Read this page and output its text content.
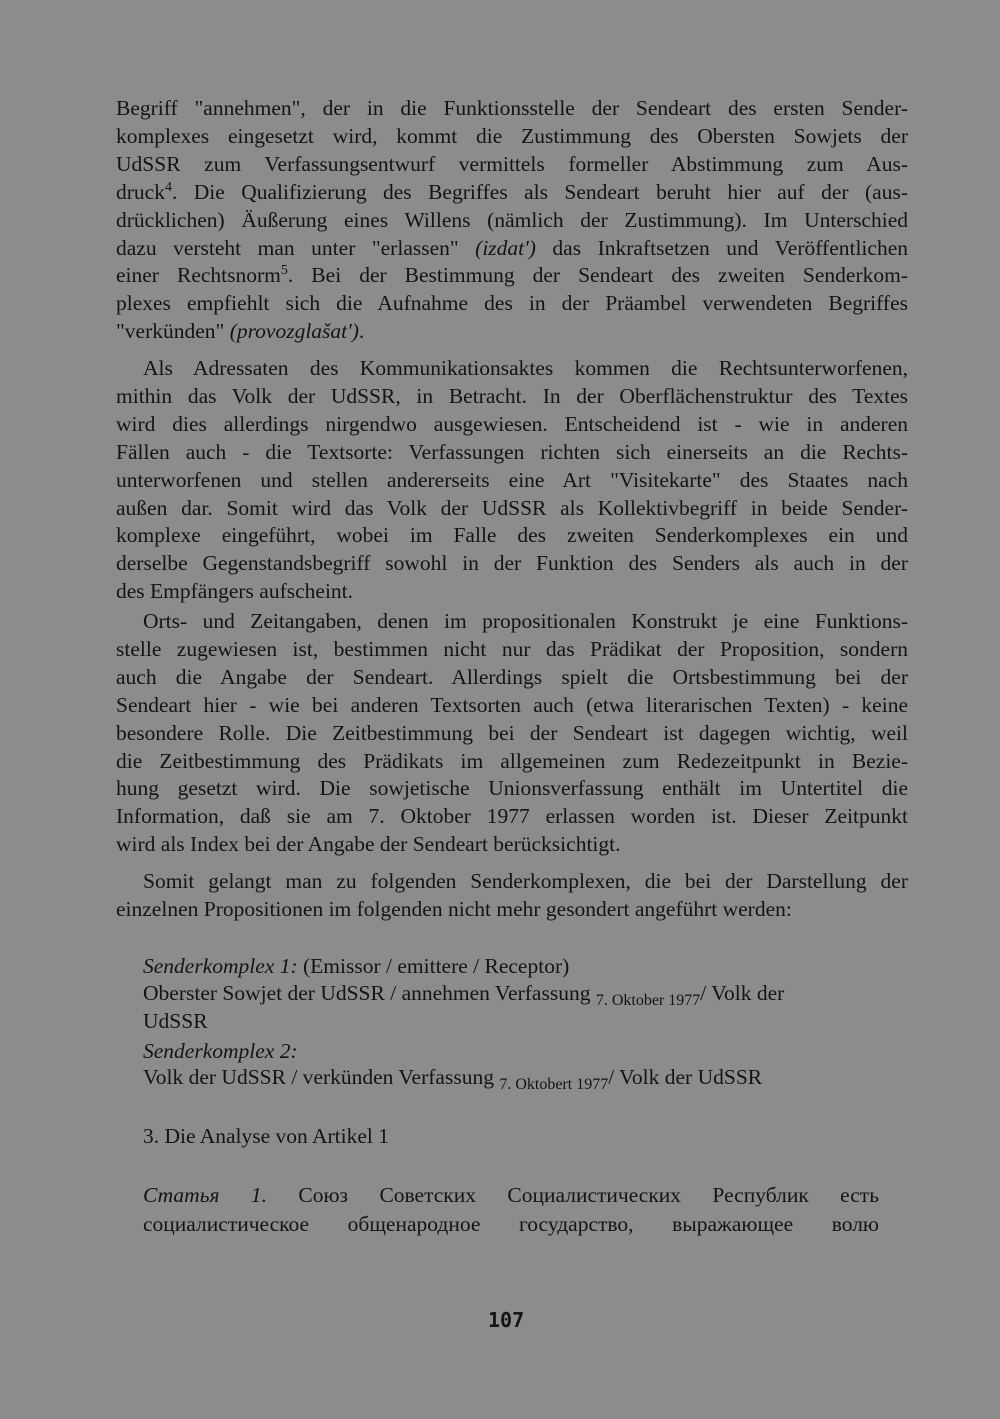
Begriff "annehmen", der in die Funktionsstelle der Sendeart des ersten Sender-
komplexes eingesetzt wird, kommt die Zustimmung des Obersten Sowjets der
UdSSR zum Verfassungsentwurf vermittels formeller Abstimmung zum Aus-
druck$^4$. Die Qualifizierung des Begriffes als Sendeart beruht hier auf der (aus-
drücklichen) Äußerung eines Willens (nämlich der Zustimmung). Im Unterschied
dazu versteht man unter "erlassen" (izdat') das Inkraftsetzen und Veröffentlichen
einer Rechtsnorm$^5$. Bei der Bestimmung der Sendeart des zweiten Senderkom-
plexes empfiehlt sich die Aufnahme des in der Präambel verwendeten Begriffes
"verkünden" (provozglašat').
Als Adressaten des Kommunikationsaktes kommen die Rechtsunterworfenen,
mithin das Volk der UdSSR, in Betracht. In der Oberflächenstruktur des Textes
wird dies allerdings nirgendwo ausgewiesen. Entscheidend ist - wie in anderen
Fällen auch - die Textsorte: Verfassungen richten sich einerseits an die Rechts-
unterworfenen und stellen andererseits eine Art "Visitekarte" des Staates nach
außen dar. Somit wird das Volk der UdSSR als Kollektivbegriff in beide Sender-
komplexe eingeführt, wobei im Falle des zweiten Senderkomplexes ein und
derselbe Gegenstandsbegriff sowohl in der Funktion des Senders als auch in der
des Empfängers aufscheint.
Orts- und Zeitangaben, denen im propositionalen Konstrukt je eine Funktions-
stelle zugewiesen ist, bestimmen nicht nur das Prädikat der Proposition, sondern
auch die Angabe der Sendeart. Allerdings spielt die Ortsbestimmung bei der
Sendeart hier - wie bei anderen Textsorten auch (etwa literarischen Texten) - keine
besondere Rolle. Die Zeitbestimmung bei der Sendeart ist dagegen wichtig, weil
die Zeitbestimmung des Prädikats im allgemeinen zum Redezeitpunkt in Bezie-
hung gesetzt wird. Die sowjetische Unionsverfassung enthält im Untertitel die
Information, daß sie am 7. Oktober 1977 erlassen worden ist. Dieser Zeitpunkt
wird als Index bei der Angabe der Sendeart berücksichtigt.
Somit gelangt man zu folgenden Senderkomplexen, die bei der Darstellung der
einzelnen Propositionen im folgenden nicht mehr gesondert angeführt werden:
Senderkomplex 1: (Emissor / emittere / Receptor)
Oberster Sowjet der UdSSR / annehmen Verfassung $_{7. Oktober 1977}$/ Volk der
UdSSR
Senderkomplex 2:
Volk der UdSSR / verkünden Verfassung $_{7. Oktobert 1977}$/ Volk der UdSSR
3. Die Analyse von Artikel 1
Статья 1. Союз Советских Социалистических Республик есть
социалистическое общенародное государство, выражающее волю
107
